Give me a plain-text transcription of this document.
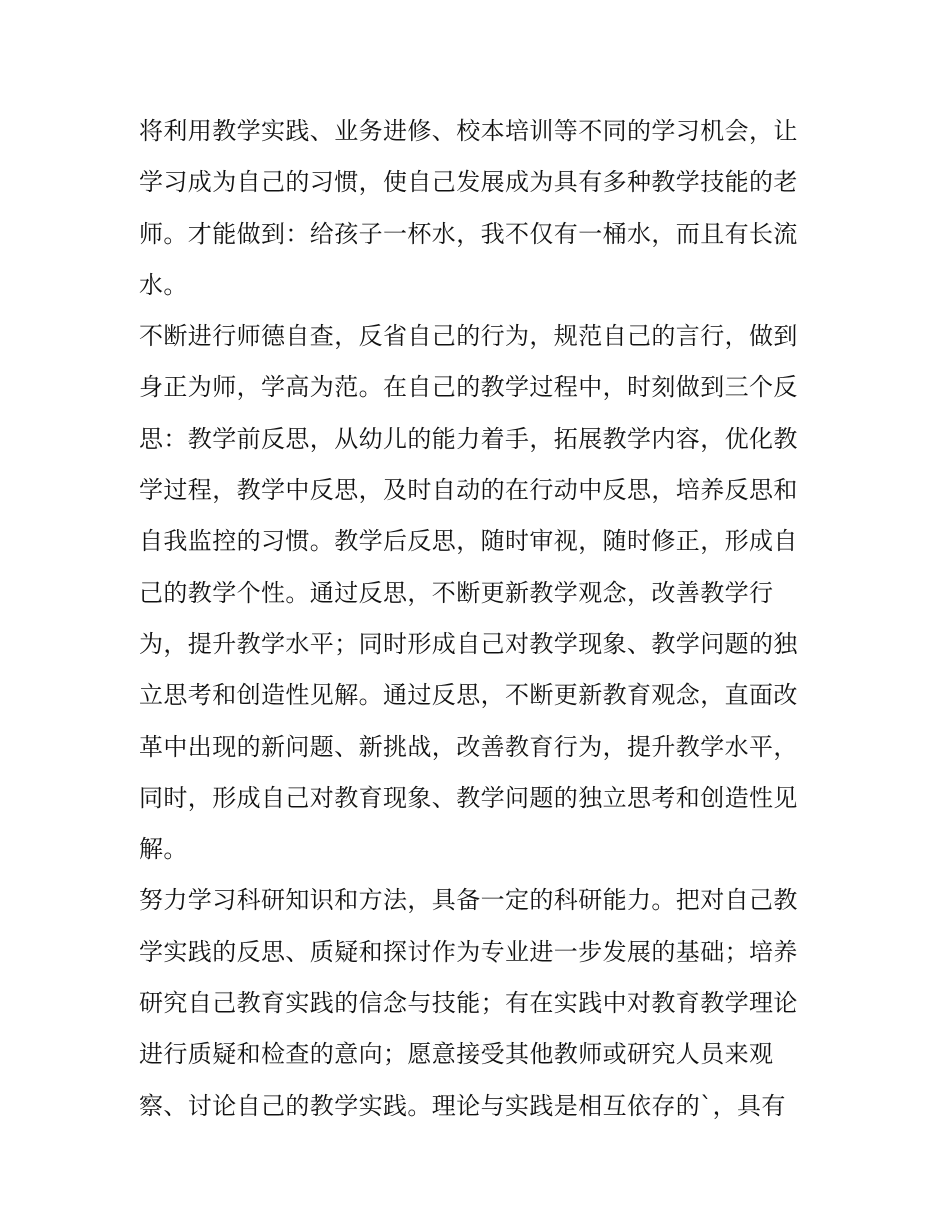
将利用教学实践、业务进修、校本培训等不同的学习机会，让
学习成为自己的习惯，使自己发展成为具有多种教学技能的老
师。才能做到：给孩子一杯水，我不仅有一桶水，而且有长流
水。
不断进行师德自查，反省自己的行为，规范自己的言行，做到
身正为师，学高为范。在自己的教学过程中，时刻做到三个反
思：教学前反思，从幼儿的能力着手，拓展教学内容，优化教
学过程，教学中反思，及时自动的在行动中反思，培养反思和
自我监控的习惯。教学后反思，随时审视，随时修正，形成自
己的教学个性。通过反思，不断更新教学观念，改善教学行
为，提升教学水平；同时形成自己对教学现象、教学问题的独
立思考和创造性见解。通过反思，不断更新教育观念，直面改
革中出现的新问题、新挑战，改善教育行为，提升教学水平，
同时，形成自己对教育现象、教学问题的独立思考和创造性见
解。
努力学习科研知识和方法，具备一定的科研能力。把对自己教
学实践的反思、质疑和探讨作为专业进一步发展的基础；培养
研究自己教育实践的信念与技能；有在实践中对教育教学理论
进行质疑和检查的意向；愿意接受其他教师或研究人员来观
察、讨论自己的教学实践。理论与实践是相互依存的`，具有
